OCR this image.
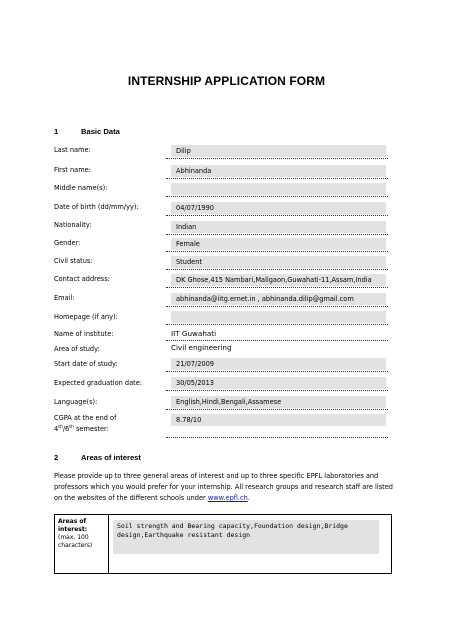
INTERNSHIP APPLICATION FORM
1	Basic Data
Last name:	Dilip
First name:	Abhinanda
Middle name(s):
Date of birth (dd/mm/yy):	04/07/1990
Nationality:	Indian
Gender:	Female
Civil status:	Student
Contact address:	DK Ghose,415 Nambari,Maligaon,Guwahati-11,Assam,India
Email:	abhinanda@iitg.ernet.in , abhinanda.dilip@gmail.com
Homepage (if any):
Name of institute:	IIT Guwahati
Area of study:	Civil engineering
Start date of study:	21/07/2009
Expected graduation date:	30/05/2013
Language(s):	English,Hindi,Bengali,Assamese
CGPA at the end of
4th/6th semester:
8.78/10
2	Areas of interest
Please provide up to three general areas of interest and up to three specific EPFL laboratories and professors which you would prefer for your internship. All research groups and research staff are listed on the websites of the different schools under www.epfl.ch.
Areas of interest:
(max. 100 characters)
Soil strength and Bearing capacity,Foundation design,Bridge design,Earthquake resistant design
